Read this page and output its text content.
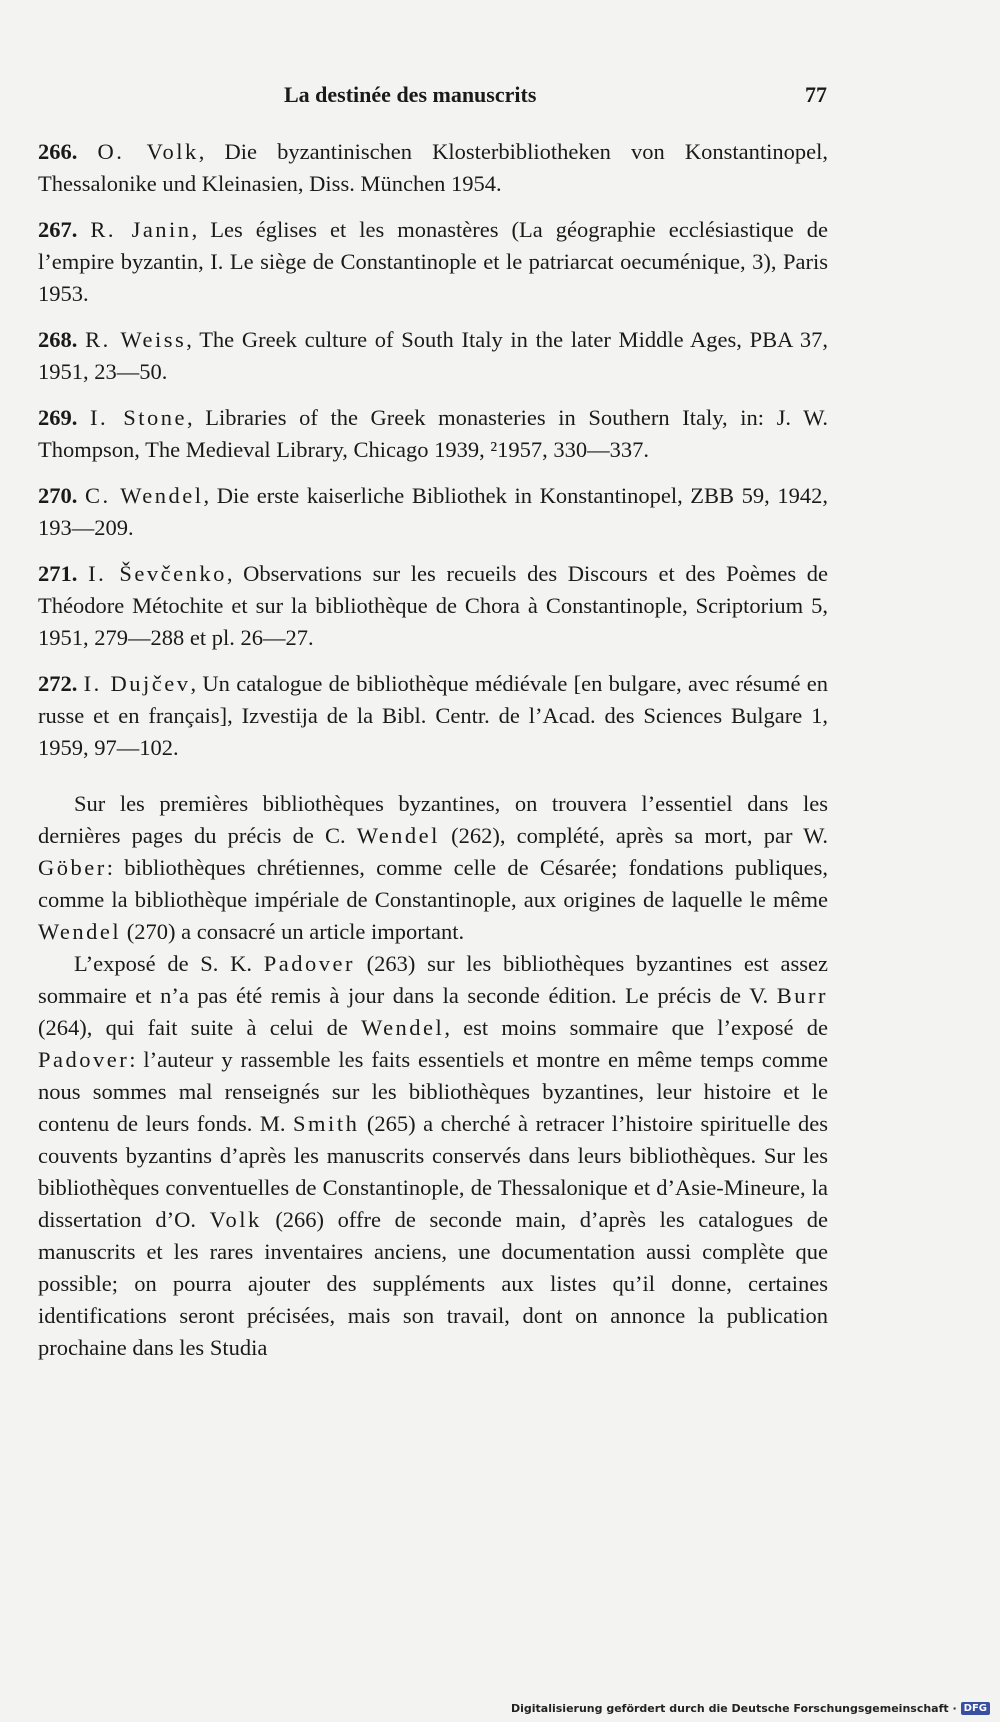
La destinée des manuscrits	77
266. O. Volk, Die byzantinischen Klosterbibliotheken von Konstantinopel, Thessalonike und Kleinasien, Diss. München 1954.
267. R. Janin, Les églises et les monastères (La géographie ecclésiastique de l’empire byzantin, I. Le siège de Constantinople et le patriarcat oecuménique, 3), Paris 1953.
268. R. Weiss, The Greek culture of South Italy in the later Middle Ages, PBA 37, 1951, 23—50.
269. I. Stone, Libraries of the Greek monasteries in Southern Italy, in: J. W. Thompson, The Medieval Library, Chicago 1939, ²1957, 330—337.
270. C. Wendel, Die erste kaiserliche Bibliothek in Konstantinopel, ZBB 59, 1942, 193—209.
271. I. Ševčenko, Observations sur les recueils des Discours et des Poèmes de Théodore Métochite et sur la bibliothèque de Chora à Constantinople, Scriptorium 5, 1951, 279—288 et pl. 26—27.
272. I. Dujčev, Un catalogue de bibliothèque médiévale [en bulgare, avec résumé en russe et en français], Izvestija de la Bibl. Centr. de l’Acad. des Sciences Bulgare 1, 1959, 97—102.

Sur les premières bibliothèques byzantines, on trouvera l’essentiel dans les dernières pages du précis de C. Wendel (262), complété, après sa mort, par W. Göber: bibliothèques chrétiennes, comme celle de Césarée; fondations publiques, comme la bibliothèque impériale de Constantinople, aux origines de laquelle le même Wendel (270) a consacré un article important.

L’exposé de S. K. Padover (263) sur les bibliothèques byzantines est assez sommaire et n’a pas été remis à jour dans la seconde édition. Le précis de V. Burr (264), qui fait suite à celui de Wendel, est moins sommaire que l’exposé de Padover: l’auteur y rassemble les faits essentiels et montre en même temps comme nous sommes mal renseignés sur les bibliothèques byzantines, leur histoire et le contenu de leurs fonds. M. Smith (265) a cherché à retracer l’histoire spirituelle des couvents byzantins d’après les manuscrits conservés dans leurs bibliothèques. Sur les bibliothèques conventuelles de Constantinople, de Thessalonique et d’Asie-Mineure, la dissertation d’O. Volk (266) offre de seconde main, d’après les catalogues de manuscrits et les rares inventaires anciens, une documentation aussi complète que possible; on pourra ajouter des suppléments aux listes qu’il donne, certaines identifications seront précisées, mais son travail, dont on annonce la publication prochaine dans les Studia

Digitalisierung gefördert durch die Deutsche Forschungsgemeinschaft · DFG
